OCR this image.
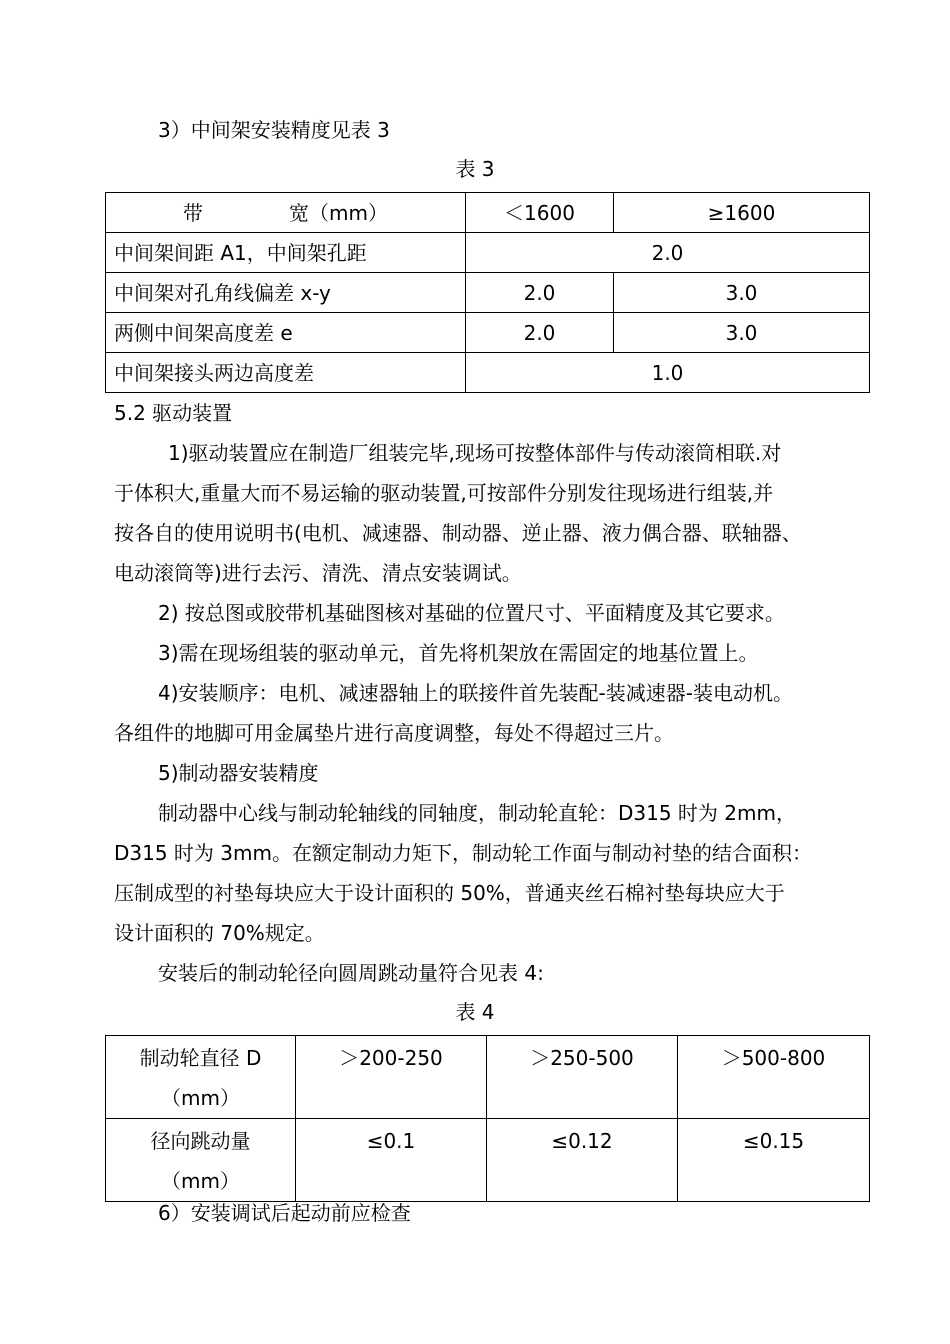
3）中间架安装精度见表 3
表 3
带 宽（mm）	＜1600	≥1600
中间架间距 A1，中间架孔距	2.0	
中间架对孔角线偏差 x-y	2.0	3.0
两侧中间架高度差 e	2.0	3.0
中间架接头两边高度差	1.0	
5.2 驱动装置
1)驱动装置应在制造厂组装完毕,现场可按整体部件与传动滚筒相联.对
于体积大,重量大而不易运输的驱动装置,可按部件分别发往现场进行组装,并
按各自的使用说明书(电机、减速器、制动器、逆止器、液力偶合器、联轴器、
电动滚筒等)进行去污、清洗、清点安装调试。
2) 按总图或胶带机基础图核对基础的位置尺寸、平面精度及其它要求。
3)需在现场组装的驱动单元，首先将机架放在需固定的地基位置上。
4)安装顺序：电机、减速器轴上的联接件首先装配-装减速器-装电动机。
各组件的地脚可用金属垫片进行高度调整，每处不得超过三片。
5)制动器安装精度
制动器中心线与制动轮轴线的同轴度，制动轮直轮：D315 时为 2mm，
D315 时为 3mm。在额定制动力矩下，制动轮工作面与制动衬垫的结合面积：
压制成型的衬垫每块应大于设计面积的 50%，普通夹丝石棉衬垫每块应大于
设计面积的 70%规定。
安装后的制动轮径向圆周跳动量符合见表 4:
表 4
制动轮直径 D
（mm）	＞200-250	＞250-500	＞500-800

径向跳动量
（mm）	≤0.1	≤0.12	≤0.15
6）安装调试后起动前应检查
